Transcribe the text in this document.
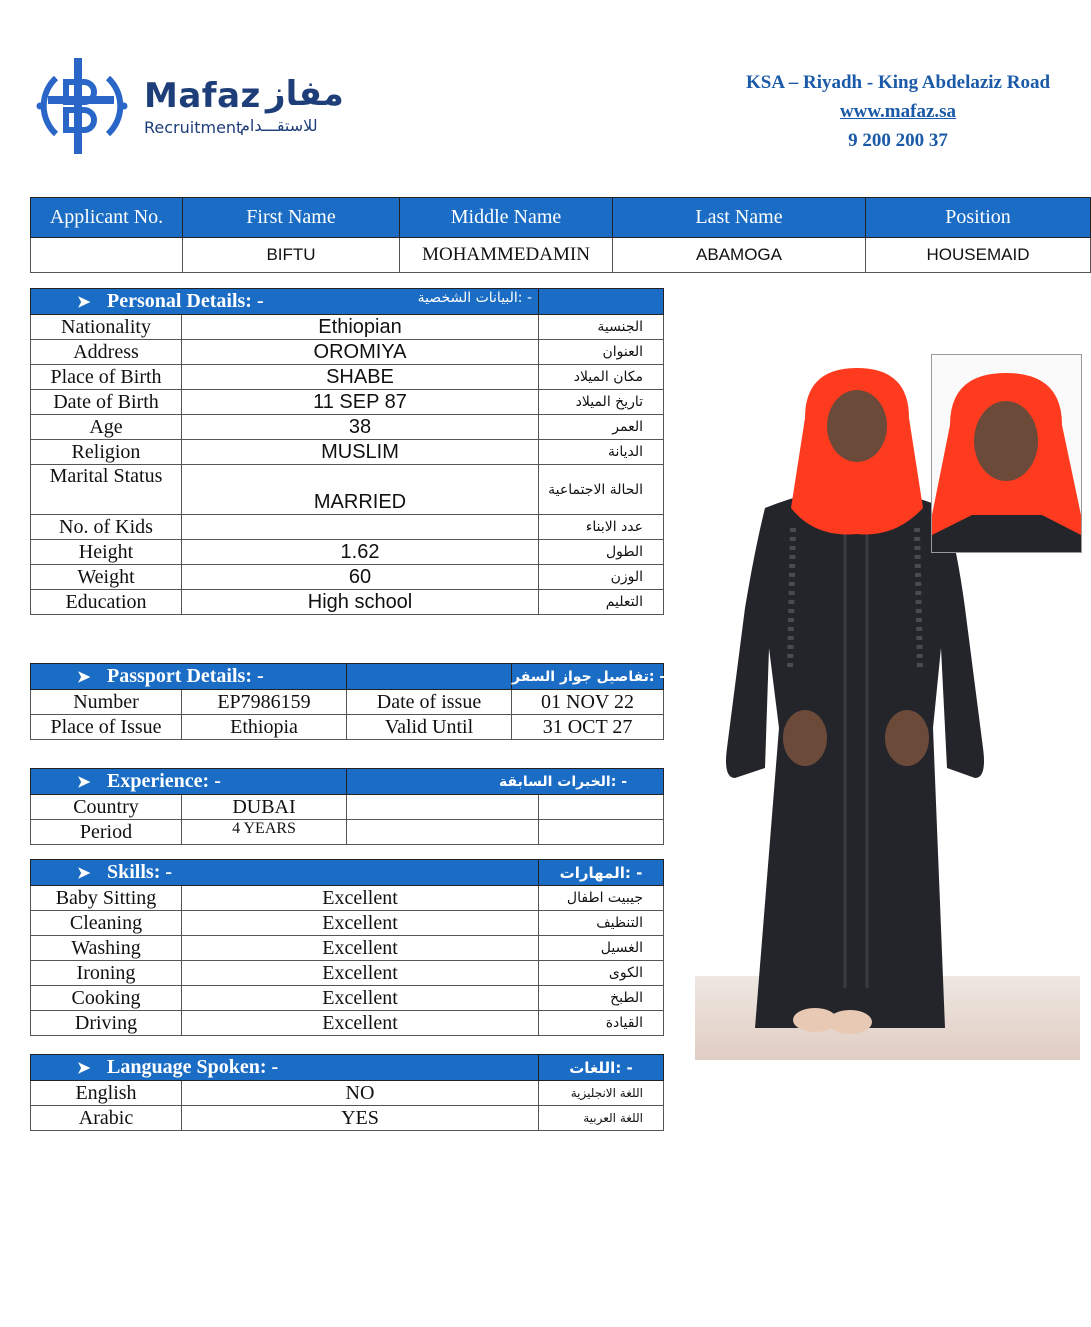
Mafaz مفاز
Recruitment
للاستقـــدام
KSA – Riyadh - King Abdelaziz Road
www.mafaz.sa
9 200 200 37
Applicant No.	First Name	Middle Name	Last Name	Position
	BIFTU	MOHAMMEDAMIN	ABAMOGA	HOUSEMAID
➤ Personal Details: - البيانات الشخصية: -		

Nationality	Ethiopian	الجنسية
Address	OROMIYA	العنوان
Place of Birth	SHABE	مكان الميلاد
Date of Birth	11 SEP 87	تاريخ الميلاد
Age	38	العمر
Religion	MUSLIM	الديانة
Marital Status	MARRIED	الحالة الاجتماعية
No. of Kids		عدد الابناء
Height	1.62	الطول
Weight	60	الوزن
Education	High school	التعليم
➤ Passport Details: -			تفاصيل جواز السفر: -
Number	EP7986159	Date of issue	01 NOV 22
Place of Issue	Ethiopia	Valid Until	31 OCT 27
➤ Experience: -		الخبرات السابقة: -	
Country	DUBAI		
Period	4 YEARS		
➤ Skills: -		المهارات: -
Baby Sitting	Excellent	جيبيت اطفال
Cleaning	Excellent	التنظيف
Washing	Excellent	الغسيل
Ironing	Excellent	الكوى
Cooking	Excellent	الطبخ
Driving	Excellent	القيادة
➤ Language Spoken: -		اللغات: -
English	NO	اللغة الانجليزية
Arabic	YES	اللغة العربية
